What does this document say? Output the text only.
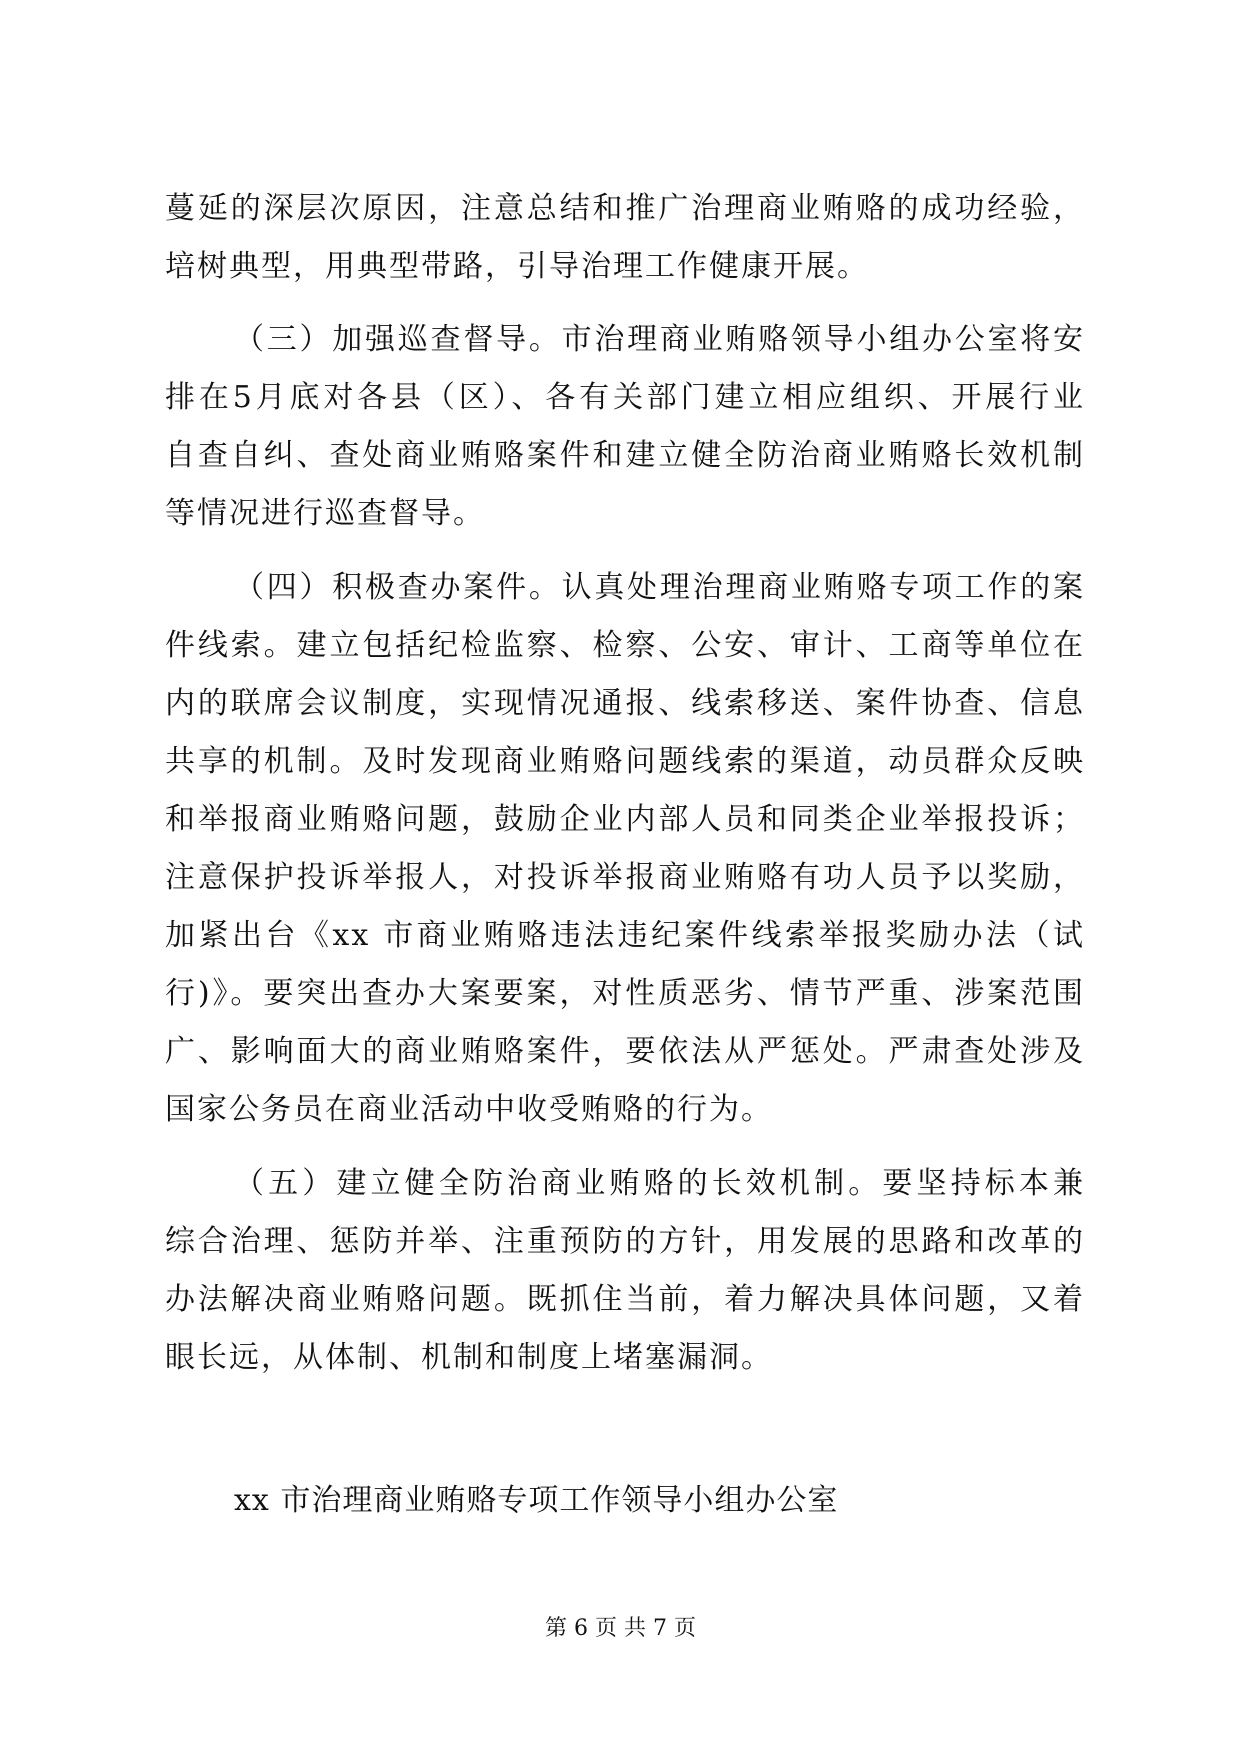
蔓延的深层次原因，注意总结和推广治理商业贿赂的成功经验，
培树典型，用典型带路，引导治理工作健康开展。
（三）加强巡查督导。市治理商业贿赂领导小组办公室将安
排在5月底对各县（区）、各有关部门建立相应组织、开展行业
自查自纠、查处商业贿赂案件和建立健全防治商业贿赂长效机制
等情况进行巡查督导。
（四）积极查办案件。认真处理治理商业贿赂专项工作的案
件线索。建立包括纪检监察、检察、公安、审计、工商等单位在
内的联席会议制度，实现情况通报、线索移送、案件协查、信息
共享的机制。及时发现商业贿赂问题线索的渠道，动员群众反映
和举报商业贿赂问题，鼓励企业内部人员和同类企业举报投诉；
注意保护投诉举报人，对投诉举报商业贿赂有功人员予以奖励，
加紧出台《xx 市商业贿赂违法违纪案件线索举报奖励办法（试
行)》。要突出查办大案要案，对性质恶劣、情节严重、涉案范围
广、影响面大的商业贿赂案件，要依法从严惩处。严肃查处涉及
国家公务员在商业活动中收受贿赂的行为。
（五）建立健全防治商业贿赂的长效机制。要坚持标本兼
综合治理、惩防并举、注重预防的方针，用发展的思路和改革的
办法解决商业贿赂问题。既抓住当前，着力解决具体问题，又着
眼长远，从体制、机制和制度上堵塞漏洞。
xx 市治理商业贿赂专项工作领导小组办公室
第 6 页 共 7 页
